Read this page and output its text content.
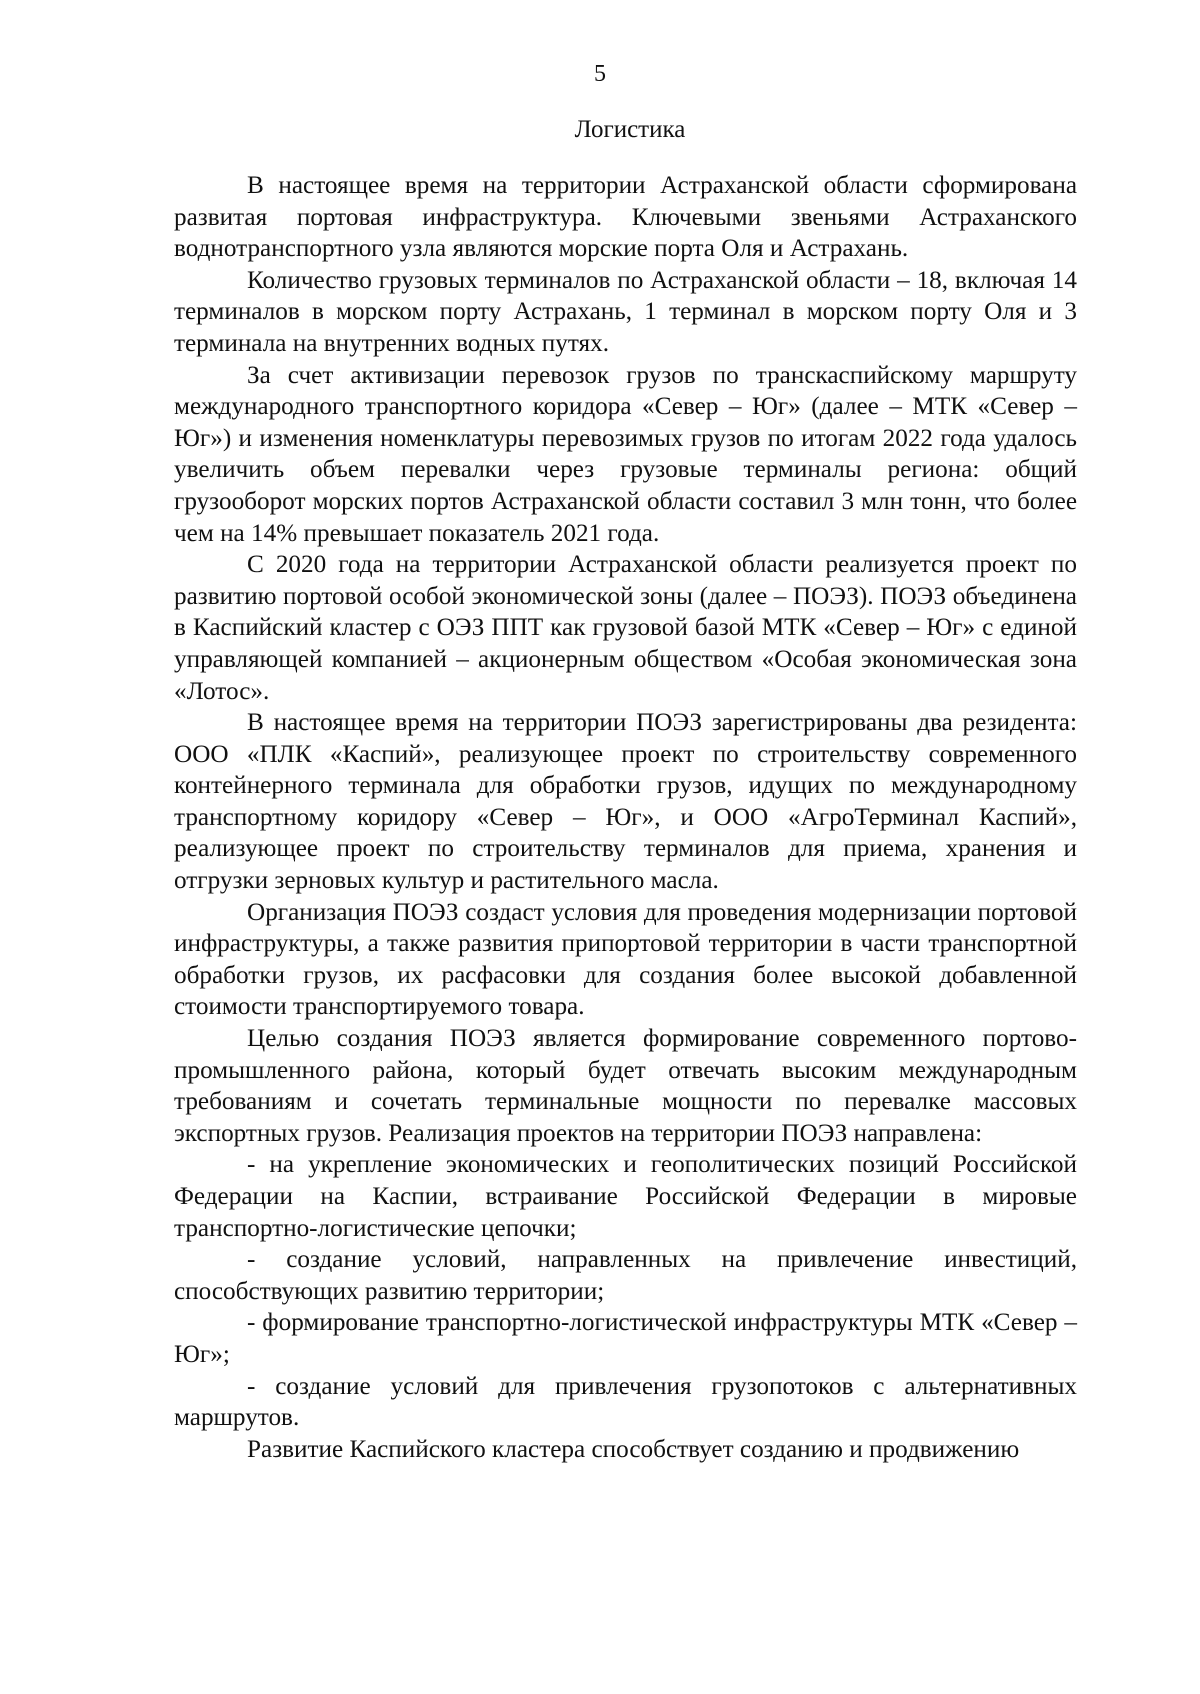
5
Логистика

В настоящее время на территории Астраханской области сформирована развитая портовая инфраструктура. Ключевыми звеньями Астраханского воднотранспортного узла являются морские порта Оля и Астрахань.

Количество грузовых терминалов по Астраханской области – 18, включая 14 терминалов в морском порту Астрахань, 1 терминал в морском порту Оля и 3 терминала на внутренних водных путях.

За счет активизации перевозок грузов по транскаспийскому маршруту международного транспортного коридора «Север – Юг» (далее – МТК «Север – Юг») и изменения номенклатуры перевозимых грузов по итогам 2022 года удалось увеличить объем перевалки через грузовые терминалы региона: общий грузооборот морских портов Астраханской области составил 3 млн тонн, что более чем на 14% превышает показатель 2021 года.

С 2020 года на территории Астраханской области реализуется проект по развитию портовой особой экономической зоны (далее – ПОЭЗ). ПОЭЗ объединена в Каспийский кластер с ОЭЗ ППТ как грузовой базой МТК «Север – Юг» с единой управляющей компанией – акционерным обществом «Особая экономическая зона «Лотос».

В настоящее время на территории ПОЭЗ зарегистрированы два резидента: ООО «ПЛК «Каспий», реализующее проект по строительству современного контейнерного терминала для обработки грузов, идущих по международному транспортному коридору «Север – Юг», и ООО «АгроТерминал Каспий», реализующее проект по строительству терминалов для приема, хранения и отгрузки зерновых культур и растительного масла.

Организация ПОЭЗ создаст условия для проведения модернизации портовой инфраструктуры, а также развития припортовой территории в части транспортной обработки грузов, их расфасовки для создания более высокой добавленной стоимости транспортируемого товара.

Целью создания ПОЭЗ является формирование современного портово-промышленного района, который будет отвечать высоким международным требованиям и сочетать терминальные мощности по перевалке массовых экспортных грузов. Реализация проектов на территории ПОЭЗ направлена:

- на укрепление экономических и геополитических позиций Российской Федерации на Каспии, встраивание Российской Федерации в мировые транспортно-логистические цепочки;

- создание условий, направленных на привлечение инвестиций, способствующих развитию территории;

- формирование транспортно-логистической инфраструктуры МТК «Север – Юг»;

- создание условий для привлечения грузопотоков с альтернативных маршрутов.

Развитие Каспийского кластера способствует созданию и продвижению
